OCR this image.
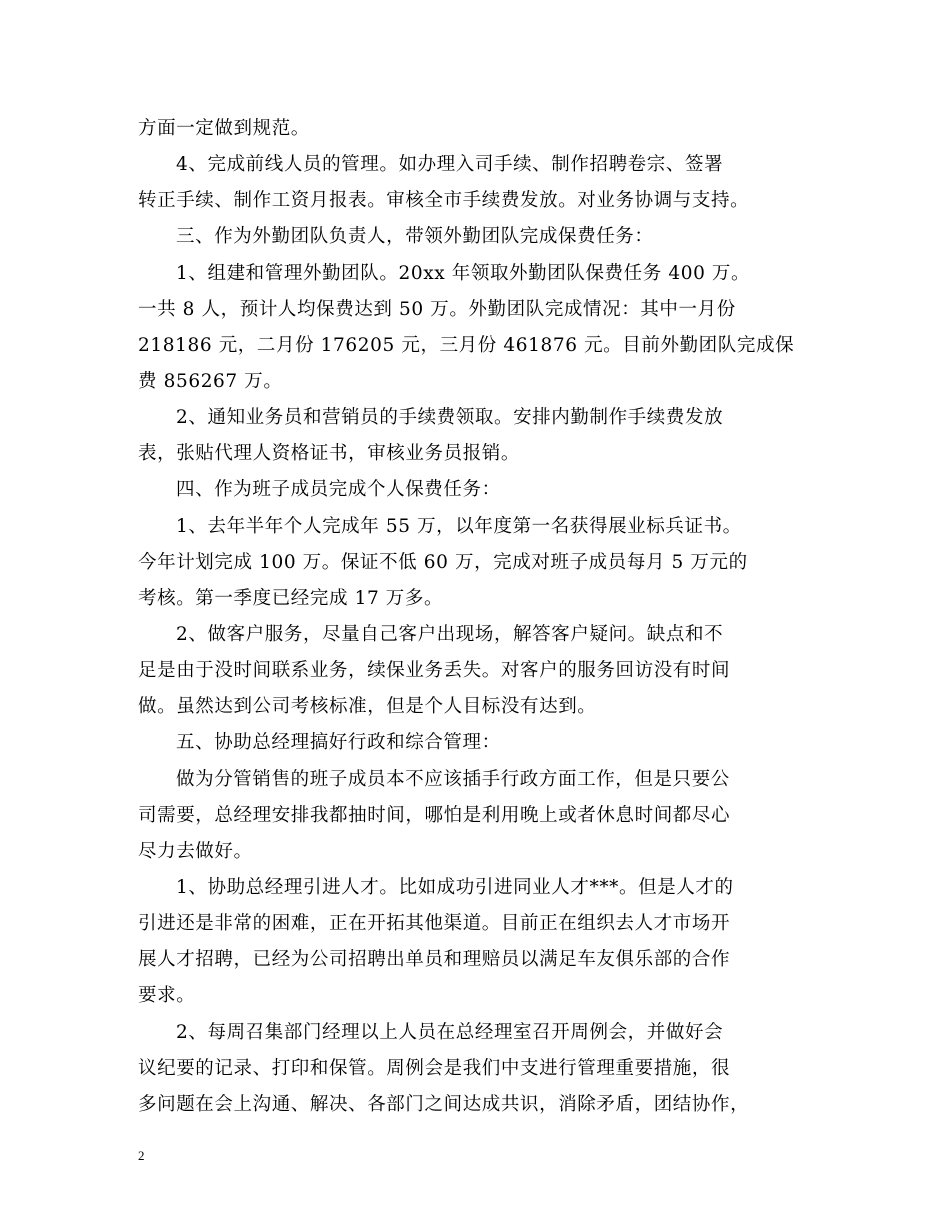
方面一定做到规范。
4、完成前线人员的管理。如办理入司手续、制作招聘卷宗、签署
转正手续、制作工资月报表。审核全市手续费发放。对业务协调与支持。
三、作为外勤团队负责人，带领外勤团队完成保费任务：
1、组建和管理外勤团队。20xx 年领取外勤团队保费任务 400 万。
一共 8 人，预计人均保费达到 50 万。外勤团队完成情况：其中一月份
218186 元，二月份 176205 元，三月份 461876 元。目前外勤团队完成保
费 856267 万。
2、通知业务员和营销员的手续费领取。安排内勤制作手续费发放
表，张贴代理人资格证书，审核业务员报销。
四、作为班子成员完成个人保费任务：
1、去年半年个人完成年 55 万，以年度第一名获得展业标兵证书。
今年计划完成 100 万。保证不低 60 万，完成对班子成员每月 5 万元的
考核。第一季度已经完成 17 万多。
2、做客户服务，尽量自己客户出现场，解答客户疑问。缺点和不
足是由于没时间联系业务，续保业务丢失。对客户的服务回访没有时间
做。虽然达到公司考核标准，但是个人目标没有达到。
五、协助总经理搞好行政和综合管理：
做为分管销售的班子成员本不应该插手行政方面工作，但是只要公
司需要，总经理安排我都抽时间，哪怕是利用晚上或者休息时间都尽心
尽力去做好。
1、协助总经理引进人才。比如成功引进同业人才***。但是人才的
引进还是非常的困难，正在开拓其他渠道。目前正在组织去人才市场开
展人才招聘，已经为公司招聘出单员和理赔员以满足车友俱乐部的合作
要求。
2、每周召集部门经理以上人员在总经理室召开周例会，并做好会
议纪要的记录、打印和保管。周例会是我们中支进行管理重要措施，很
多问题在会上沟通、解决、各部门之间达成共识，消除矛盾，团结协作，
2
